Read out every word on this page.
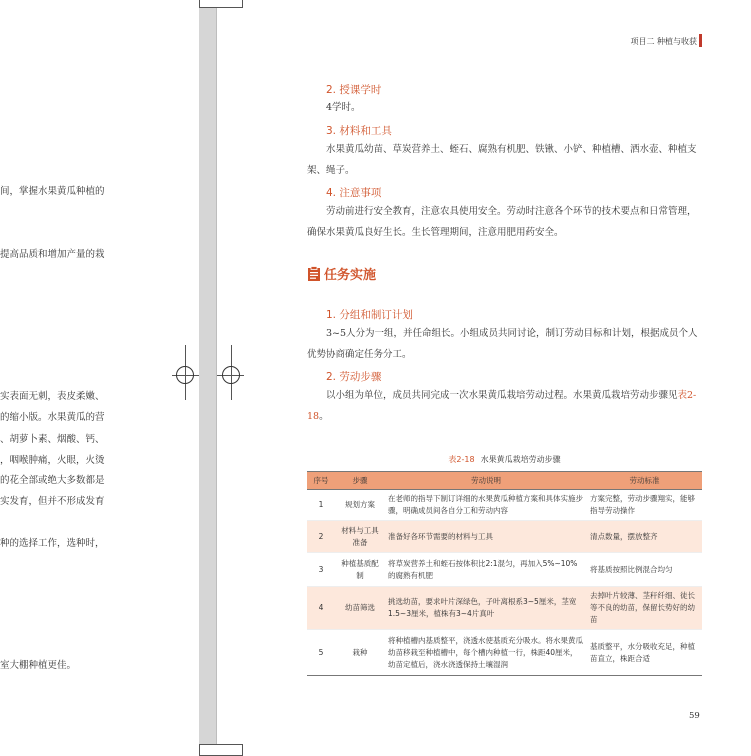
间，掌握水果黄瓜种植的
提高品质和增加产量的栽
实表面无刺，表皮柔嫩、
的缩小版。水果黄瓜的营
、胡萝卜素、烟酸、钙、
，咽喉肿痛，火眼，火烫
的花全部或绝大多数都是
实发育，但并不形成发育
种的选择工作，选种时，
室大棚种植更佳。
项目二 种植与收获
2. 授课学时
4学时。
3. 材料和工具
水果黄瓜幼苗、草炭营养土、蛭石、腐熟有机肥、铁锹、小铲、种植槽、洒水壶、种植支架、绳子。
4. 注意事项
劳动前进行安全教育，注意农具使用安全。劳动时注意各个环节的技术要点和日常管理，确保水果黄瓜良好生长。生长管理期间，注意用肥用药安全。
任务实施
1. 分组和制订计划
3~5人分为一组，并任命组长。小组成员共同讨论，制订劳动目标和计划，根据成员个人优势协商确定任务分工。
2. 劳动步骤
以小组为单位，成员共同完成一次水果黄瓜栽培劳动过程。水果黄瓜栽培劳动步骤见表2-18。
表2-18 水果黄瓜栽培劳动步骤
序号	步骤	劳动说明	劳动标准
1	规划方案	在老师的指导下制订详细的水果黄瓜种植方案和具体实施步骤，明确成员间各自分工和劳动内容	方案完整，劳动步骤翔实，能够指导劳动操作
2	材料与工具准备	准备好各环节需要的材料与工具	清点数量，摆放整齐
3	种植基质配制	将草炭营养土和蛭石按体积比2:1混匀，再加入5%~10%的腐熟有机肥	将基质按照比例混合均匀
4	幼苗筛选	挑选幼苗，要求叶片深绿色，子叶离根系3~5厘米，茎宽1.5~3厘米，植株有3~4片真叶	去掉叶片较薄、茎秆纤细、徒长等不良的幼苗，保留长势好的幼苗
5	栽种	将种植槽内基质整平，浇透水使基质充分吸水。将水果黄瓜幼苗移栽至种植槽中，每个槽内种植一行，株距40厘米，幼苗定植后，浇水浇透保持土壤湿润	基质整平，水分吸收充足，种植苗直立，株距合适
59
